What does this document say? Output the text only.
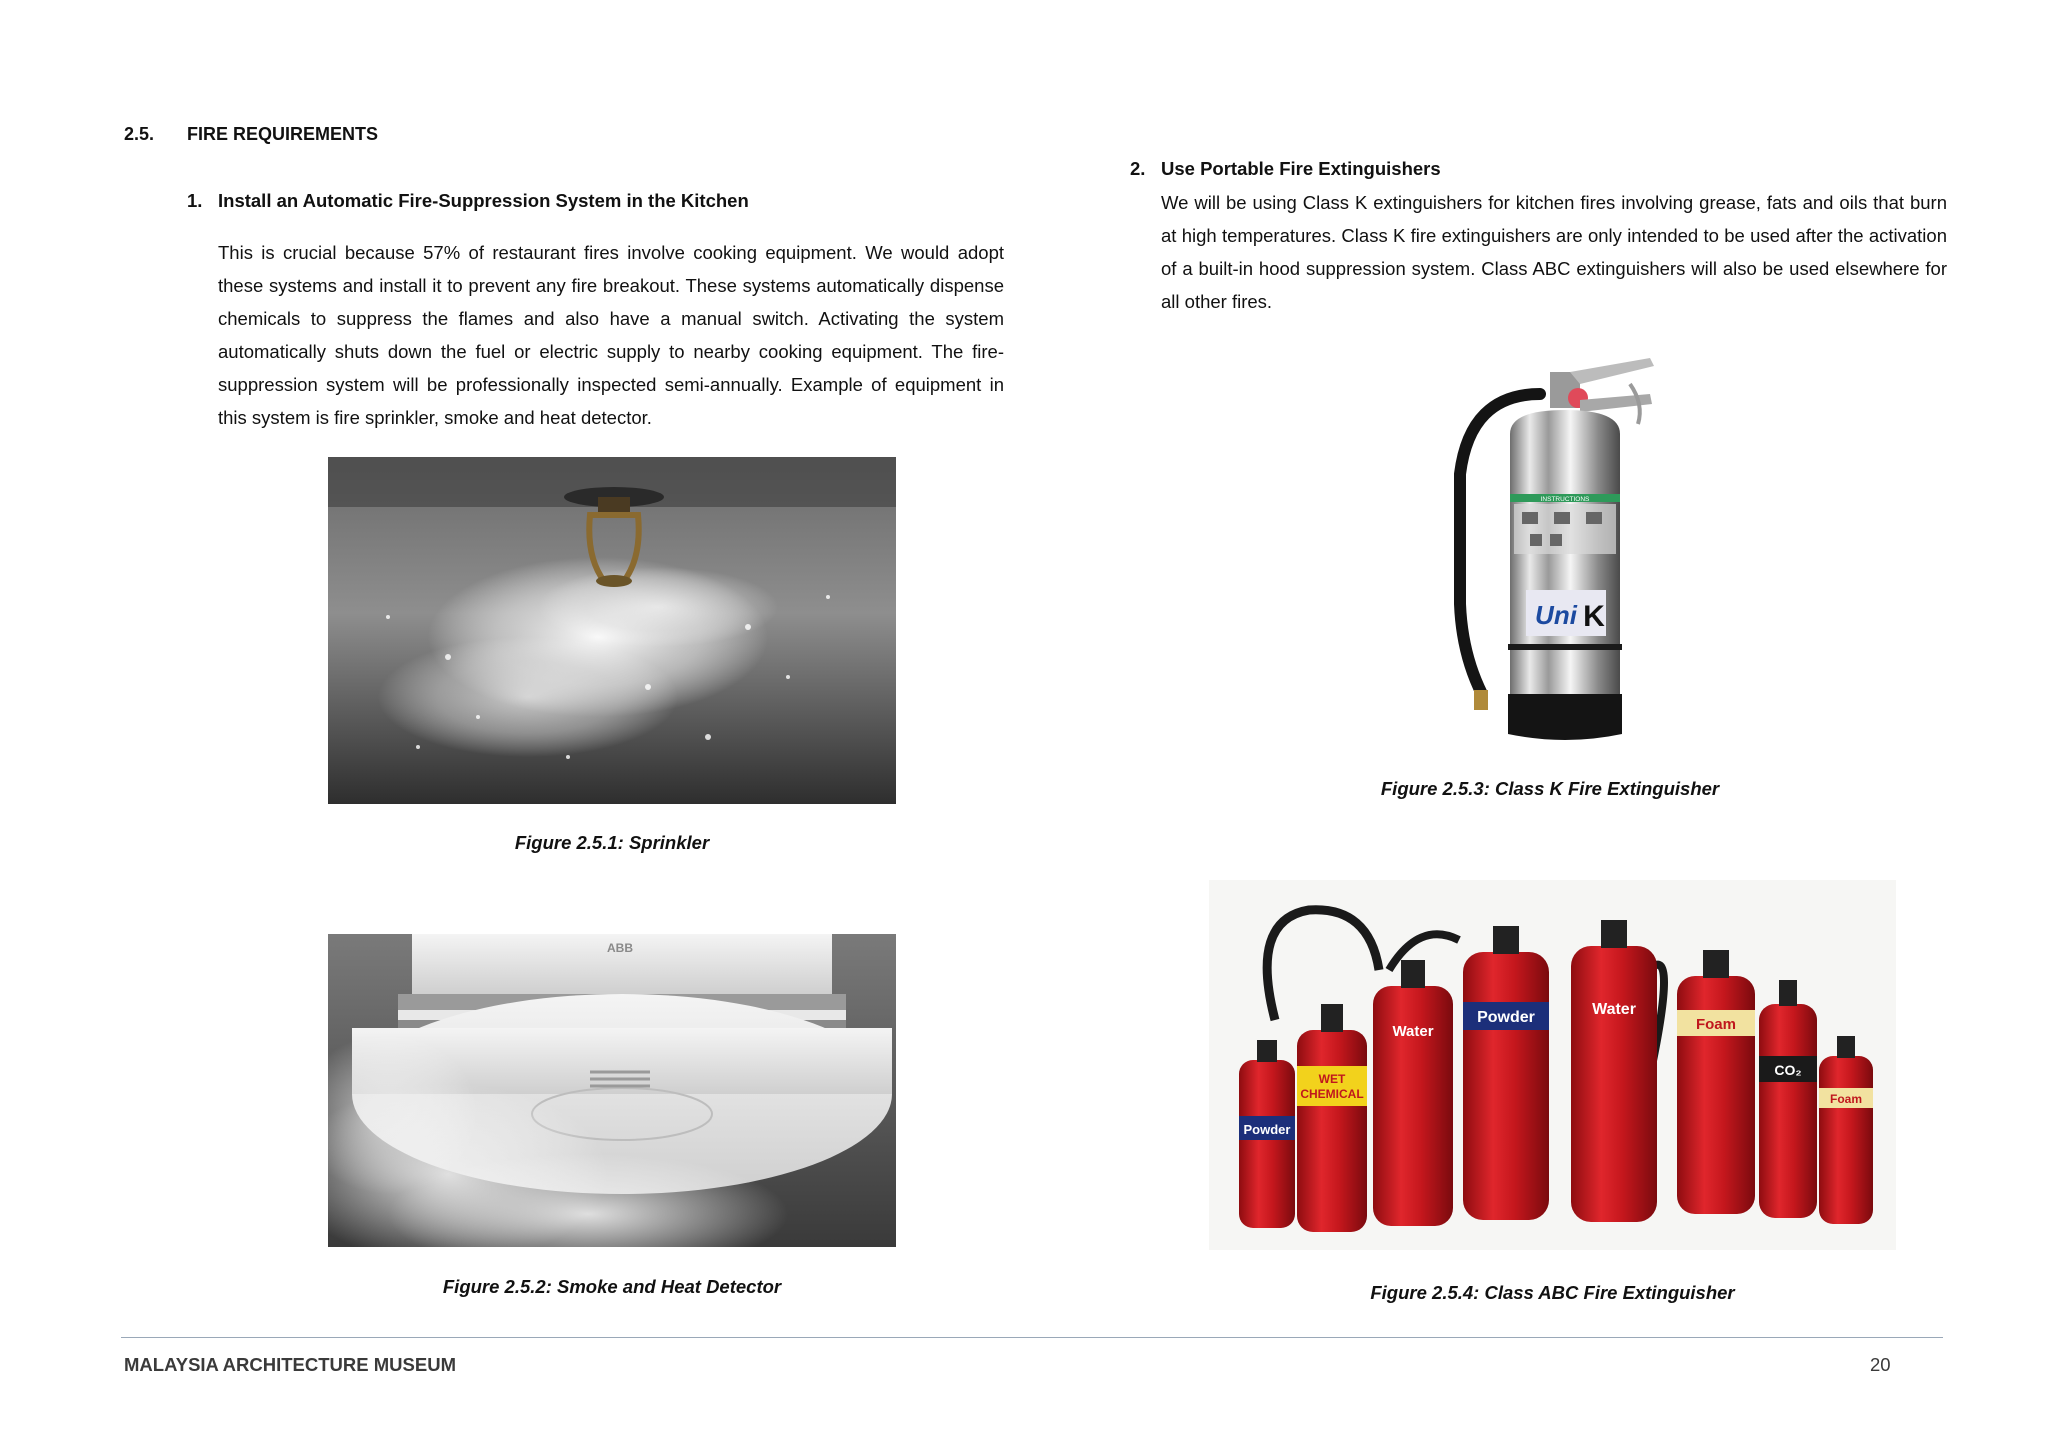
2.5. FIRE REQUIREMENTS
1. Install an Automatic Fire-Suppression System in the Kitchen

This is crucial because 57% of restaurant fires involve cooking equipment. We would adopt these systems and install it to prevent any fire breakout. These systems automatically dispense chemicals to suppress the flames and also have a manual switch. Activating the system automatically shuts down the fuel or electric supply to nearby cooking equipment. The fire-suppression system will be professionally inspected semi-annually. Example of equipment in this system is fire sprinkler, smoke and heat detector.

Figure 2.5.1: Sprinkler
ABB
Figure 2.5.2: Smoke and Heat Detector
2. Use Portable Fire Extinguishers

We will be using Class K extinguishers for kitchen fires involving grease, fats and oils that burn at high temperatures. Class K fire extinguishers are only intended to be used after the activation of a built-in hood suppression system. Class ABC extinguishers will also be used elsewhere for all other fires.

INSTRUCTIONS
Uni K
Figure 2.5.3: Class K Fire Extinguisher
Powder
WET
CHEMICAL
Water
Powder	Water
Foam
CO₂
Foam
Figure 2.5.4: Class ABC Fire Extinguisher
MALAYSIA ARCHITECTURE MUSEUM	20
